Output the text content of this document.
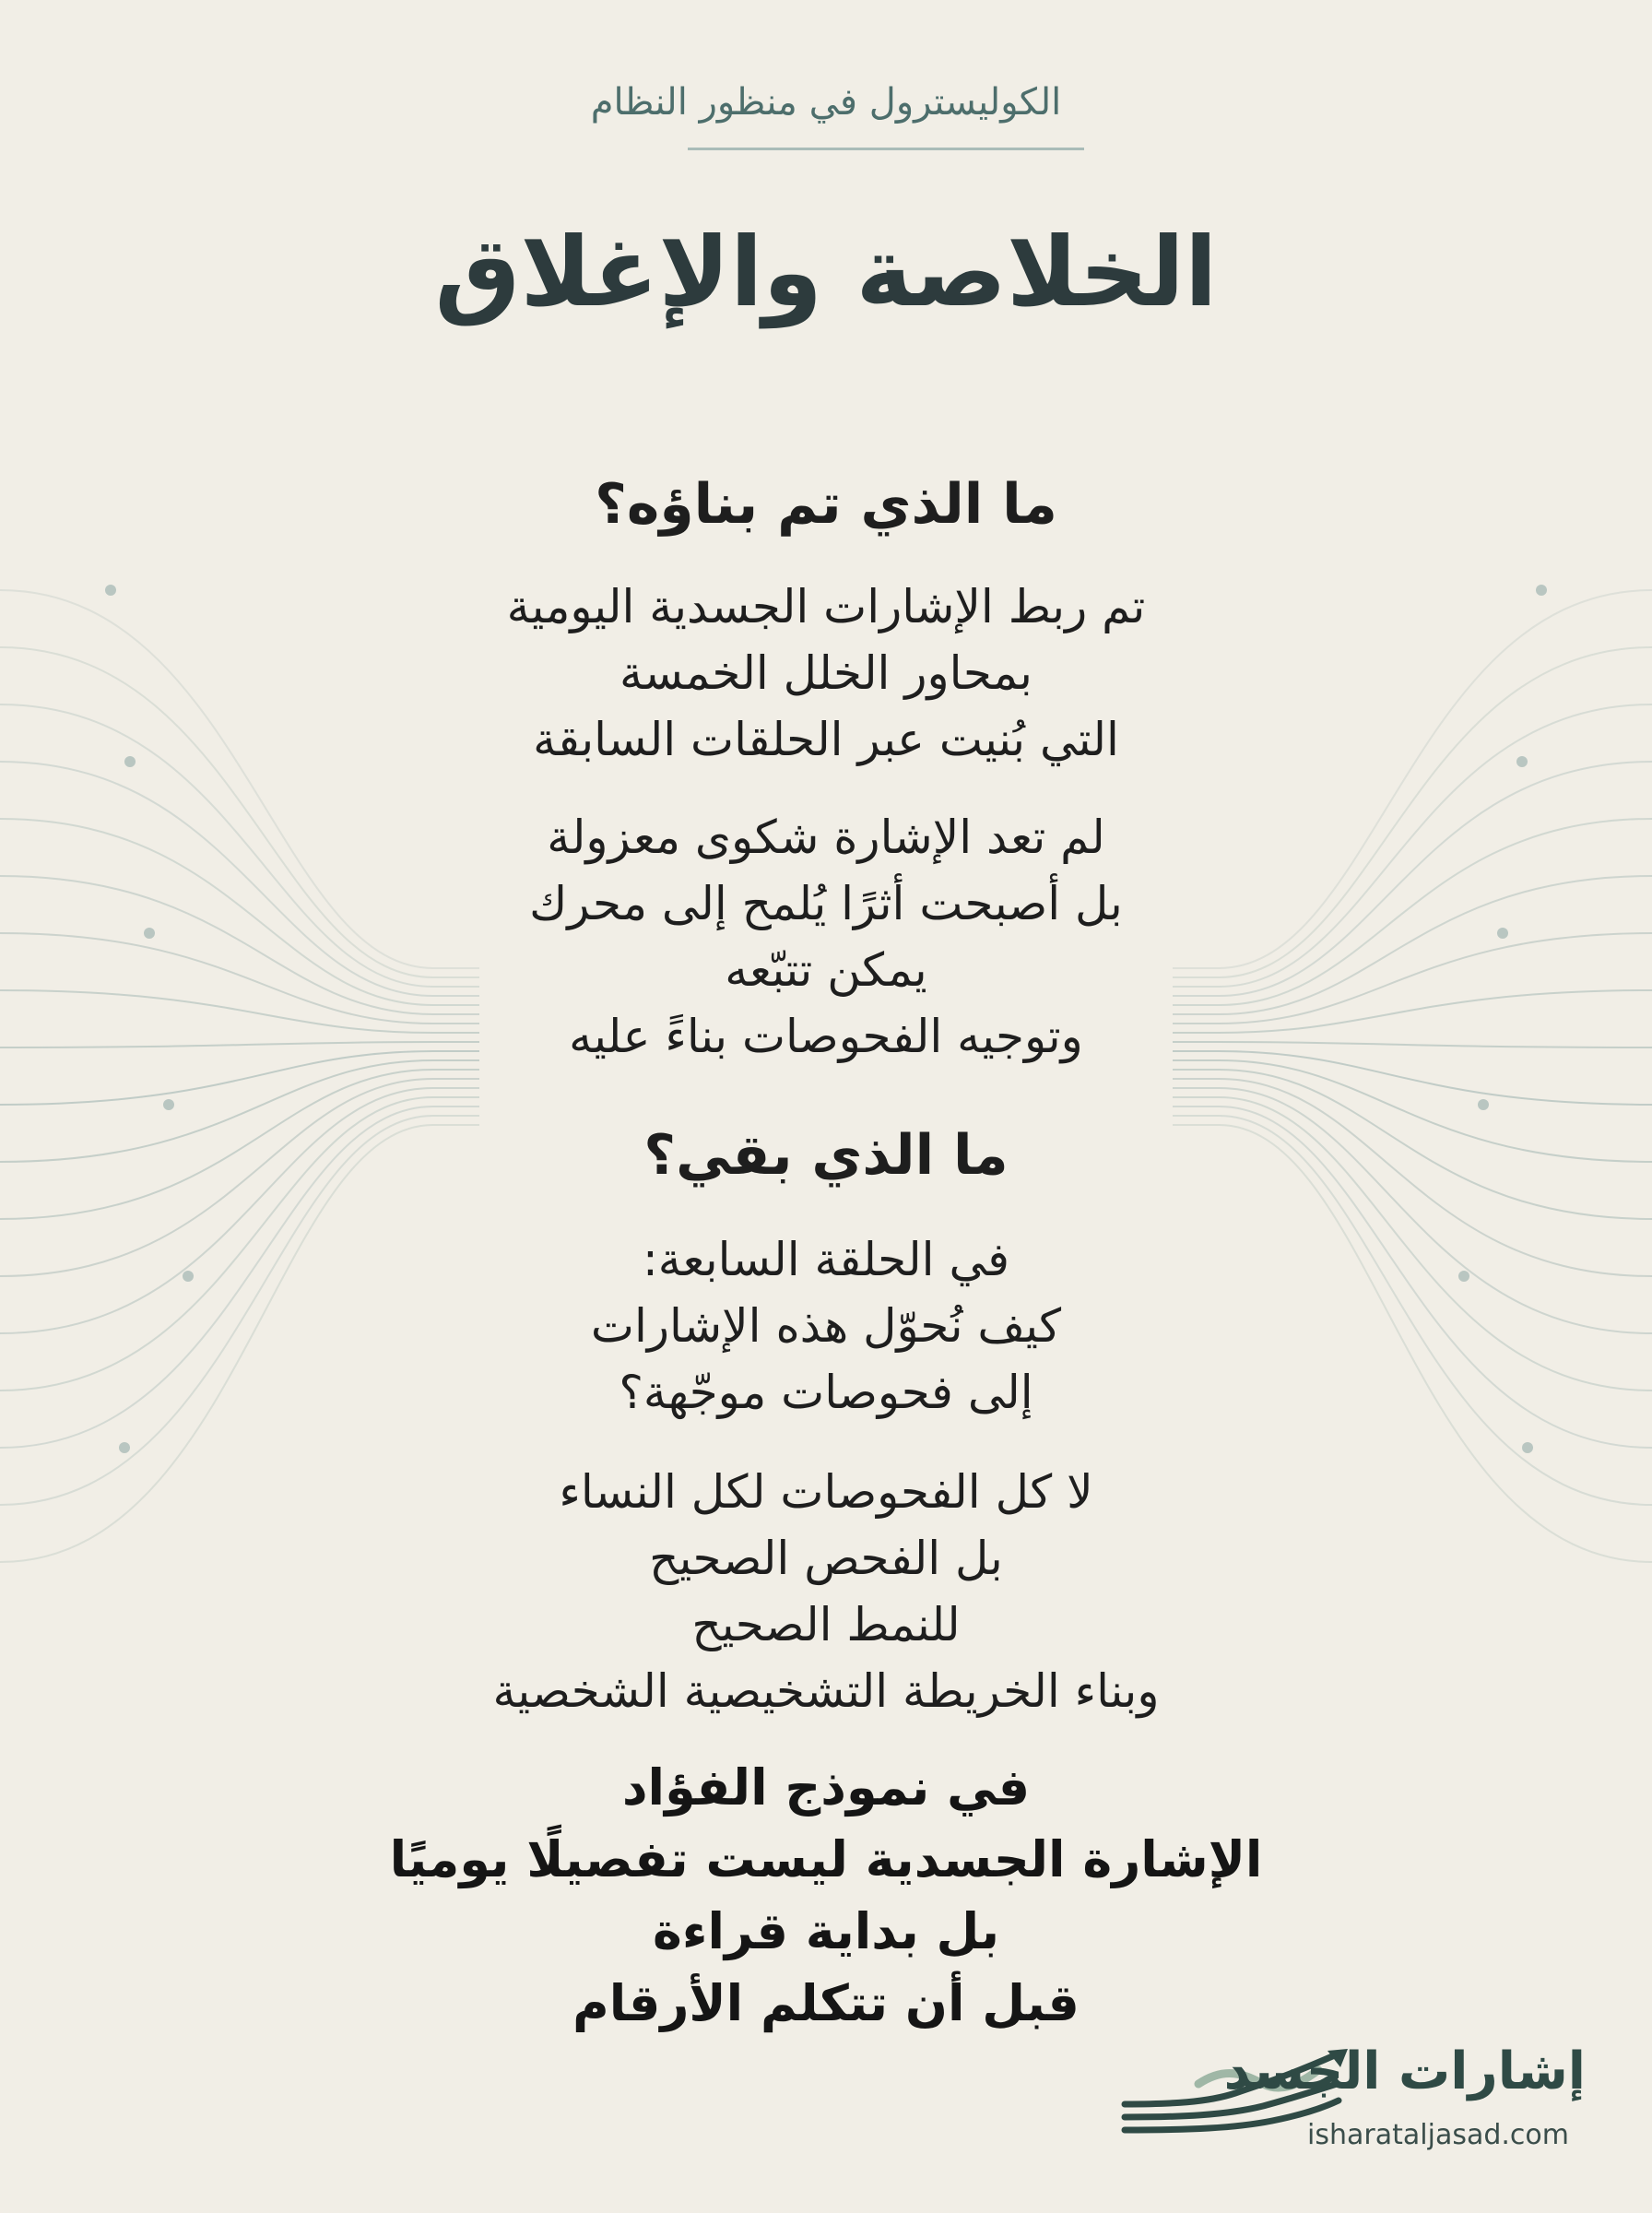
الكوليسترول في منظور النظام
الخلاصة والإغلاق
ما الذي تم بناؤه؟
تم ربط الإشارات الجسدية اليومية
بمحاور الخلل الخمسة
التي بُنيت عبر الحلقات السابقة
لم تعد الإشارة شكوى معزولة
بل أصبحت أثرًا يُلمح إلى محرك
يمكن تتبّعه
وتوجيه الفحوصات بناءً عليه
ما الذي بقي؟
في الحلقة السابعة:
كيف نُحوّل هذه الإشارات
إلى فحوصات موجّهة؟
لا كل الفحوصات لكل النساء
بل الفحص الصحيح
للنمط الصحيح
وبناء الخريطة التشخيصية الشخصية
في نموذج الفؤاد
الإشارة الجسدية ليست تفصيلًا يوميًا
بل بداية قراءة
قبل أن تتكلم الأرقام
إشارات الجسد
isharataljasad.com
